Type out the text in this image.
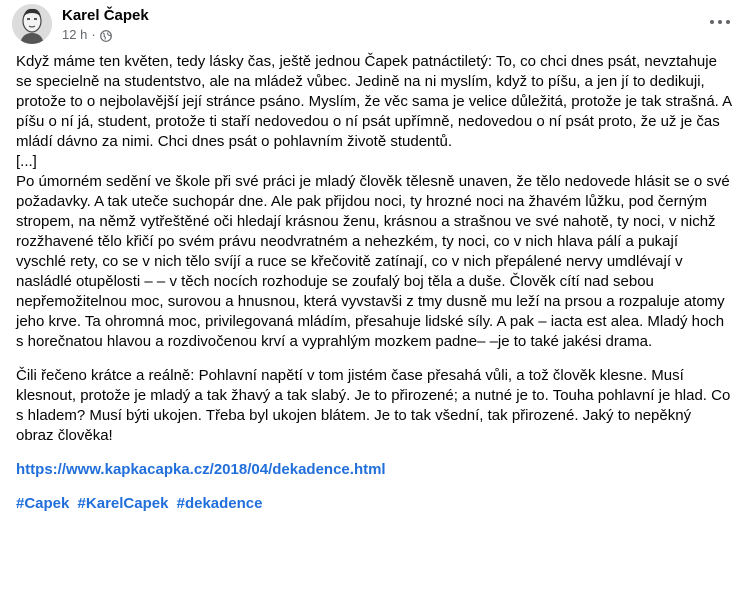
Karel Čapek
12 h ·

Když máme ten květen, tedy lásky čas, ještě jednou Čapek patnáctiletý: To, co chci dnes psát, nevztahuje se specielně na studentstvo, ale na mládež vůbec. Jedině na ni myslím, když to píšu, a jen jí to dedikuji, protože to o nejbolavější její stránce psáno. Myslím, že věc sama je velice důležitá, protože je tak strašná. A píšu o ní já, student, protože ti staří nedovedou o ní psát upřímně, nedovedou o ní psát proto, že už je čas mládí dávno za nimi. Chci dnes psát o pohlavním životě studentů.

[...]

Po úmorném sedění ve škole při své práci je mladý člověk tělesně unaven, že tělo nedovede hlásit se o své požadavky. A tak uteče suchopár dne. Ale pak přijdou noci, ty hrozné noci na žhavém lůžku, pod černým stropem, na němž vytřeštěné oči hledají krásnou ženu, krásnou a strašnou ve své nahotě, ty noci, v nichž rozžhavené tělo křičí po svém právu neodvratném a nehezkém, ty noci, co v nich hlava pálí a pukají vyschlé rety, co se v nich tělo svíjí a ruce se křečovitě zatínají, co v nich přepálené nervy umdlévají v nasládlé otupělosti – – v těch nocích rozhoduje se zoufalý boj těla a duše. Člověk cítí nad sebou nepřemožitelnou moc, surovou a hnusnou, která vyvstavši z tmy dusně mu leží na prsou a rozpaluje atomy jeho krve. Ta ohromná moc, privilegovaná mládím, přesahuje lidské síly. A pak – iacta est alea. Mladý hoch s horečnatou hlavou a rozdivočenou krví a vyprahlým mozkem padne– –je to také jakési drama.

Čili řečeno krátce a reálně: Pohlavní napětí v tom jistém čase přesahá vůli, a tož člověk klesne. Musí klesnout, protože je mladý a tak žhavý a tak slabý. Je to přirozené; a nutné je to. Touha pohlavní je hlad. Co s hladem? Musí býti ukojen. Třeba byl ukojen blátem. Je to tak všední, tak přirozené. Jaký to nepěkný obraz člověka!

https://www.kapkacapka.cz/2018/04/dekadence.html

#Capek #KarelCapek #dekadence
